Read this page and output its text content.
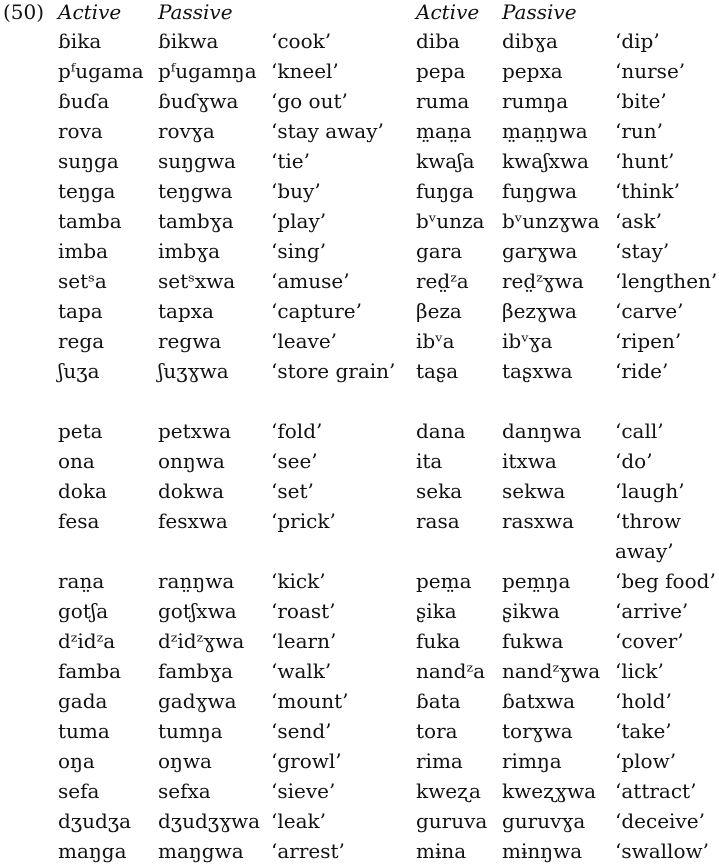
(50) Active Passive	Active Passive
ɓika	ɓikwa	‘cook’	diba dibɣa	‘dip’
pᶠugama pᶠugamŋa ‘kneel’	pepa pepxa	‘nurse’
ɓuɗa ɓuɗɣwa ‘go out’	ruma rumŋa ‘bite’
rova	rovɣa	‘stay away’	m̤an̤a m̤an̤ŋwa ‘run’
suŋga suŋgwa ‘tie’	kwaʃa kwaʃxwa ‘hunt’
teŋga teŋgwa ‘buy’	fuŋga fuŋgwa ‘think’
tamba tambɣa ‘play’	bᵛunza bᵛunzɣwa ‘ask’
imba imbɣa	‘sing’	gara garɣwa ‘stay’
setˢa	setˢxwa ‘amuse’	red̤ᶻa red̤ᶻɣwa ‘lengthen’
tapa	tapxa	‘capture’	βeza βezɣwa ‘carve’
rega	regwa ‘leave’	ibᵛa ibᵛɣa	‘ripen’
ʃuʒa	ʃuʒɣwa ‘store grain’ taʂa taʂxwa ‘ride’
peta	petxwa ‘fold’	dana danŋwa ‘call’
ona	onŋwa ‘see’	ita	itxwa	‘do’
doka	dokwa ‘set’	seka sekwa ‘laugh’
fesa	fesxwa ‘prick’	rasa rasxwa ‘throw away’
ran̤a	ran̤ŋwa ‘kick’	pem̤a pem̤ŋa ‘beg food’
gotʃa gotʃxwa ‘roast’	ʂika ʂikwa	‘arrive’
dᶻidᶻa dᶻidᶻɣwa ‘learn’	fuka fukwa	‘cover’
famba fambɣa ‘walk’	nandᶻa nandᶻɣwa ‘lick’
gada	gadɣwa ‘mount’	ɓata ɓatxwa ‘hold’
tuma tumŋa ‘send’	tora torɣwa ‘take’
oŋa	oŋwa	‘growl’	rima rimŋa	‘plow’
sefa	sefxa	‘sieve’	kweʐa kweʐɣwa ‘attract’
dʒudʒa dʒudʒɣwa ‘leak’	guruva guruvɣa ‘deceive’
maŋga maŋgwa ‘arrest’	mɨna mɨnŋwa ‘swallow’
